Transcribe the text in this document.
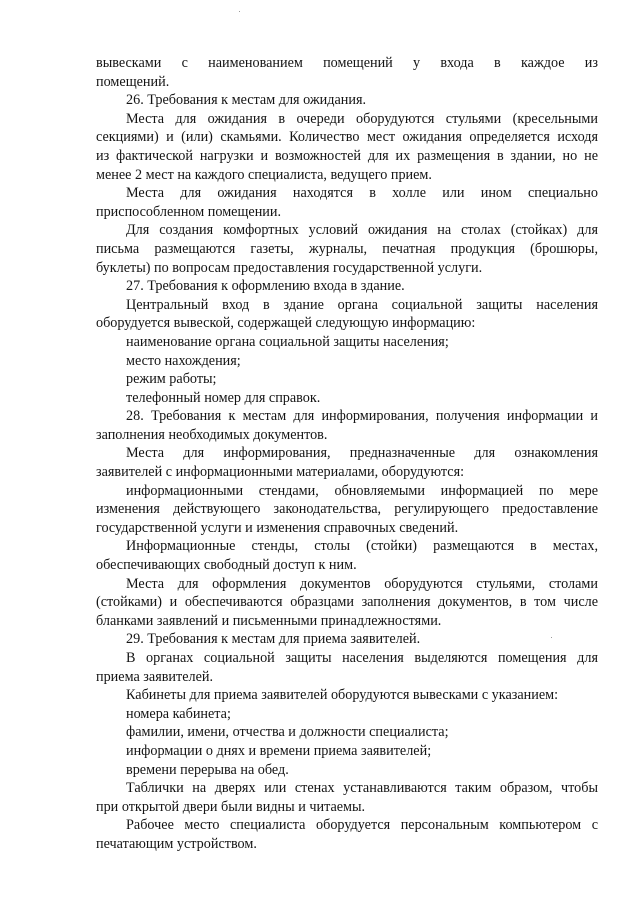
вывесками с наименованием помещений у входа в каждое из
помещений.
26. Требования к местам для ожидания.
Места для ожидания в очереди оборудуются стульями (кресельными
секциями) и (или) скамьями. Количество мест ожидания определяется исходя
из фактической нагрузки и возможностей для их размещения в здании, но не
менее 2 мест на каждого специалиста, ведущего прием.
Места для ожидания находятся в холле или ином специально
приспособленном помещении.
Для создания комфортных условий ожидания на столах (стойках) для
письма размещаются газеты, журналы, печатная продукция (брошюры,
буклеты) по вопросам предоставления государственной услуги.
27. Требования к оформлению входа в здание.
Центральный вход в здание органа социальной защиты населения
оборудуется вывеской, содержащей следующую информацию:
наименование органа социальной защиты населения;
место нахождения;
режим работы;
телефонный номер для справок.
28. Требования к местам для информирования, получения информации и
заполнения необходимых документов.
Места для информирования, предназначенные для ознакомления
заявителей с информационными материалами, оборудуются:
информационными стендами, обновляемыми информацией по мере
изменения действующего законодательства, регулирующего предоставление
государственной услуги и изменения справочных сведений.
Информационные стенды, столы (стойки) размещаются в местах,
обеспечивающих свободный доступ к ним.
Места для оформления документов оборудуются стульями, столами
(стойками) и обеспечиваются образцами заполнения документов, в том числе
бланками заявлений и письменными принадлежностями.
29. Требования к местам для приема заявителей.
В органах социальной защиты населения выделяются помещения для
приема заявителей.
Кабинеты для приема заявителей оборудуются вывесками с указанием:
номера кабинета;
фамилии, имени, отчества и должности специалиста;
информации о днях и времени приема заявителей;
времени перерыва на обед.
Таблички на дверях или стенах устанавливаются таким образом, чтобы
при открытой двери были видны и читаемы.
Рабочее место специалиста оборудуется персональным компьютером с
печатающим устройством.
